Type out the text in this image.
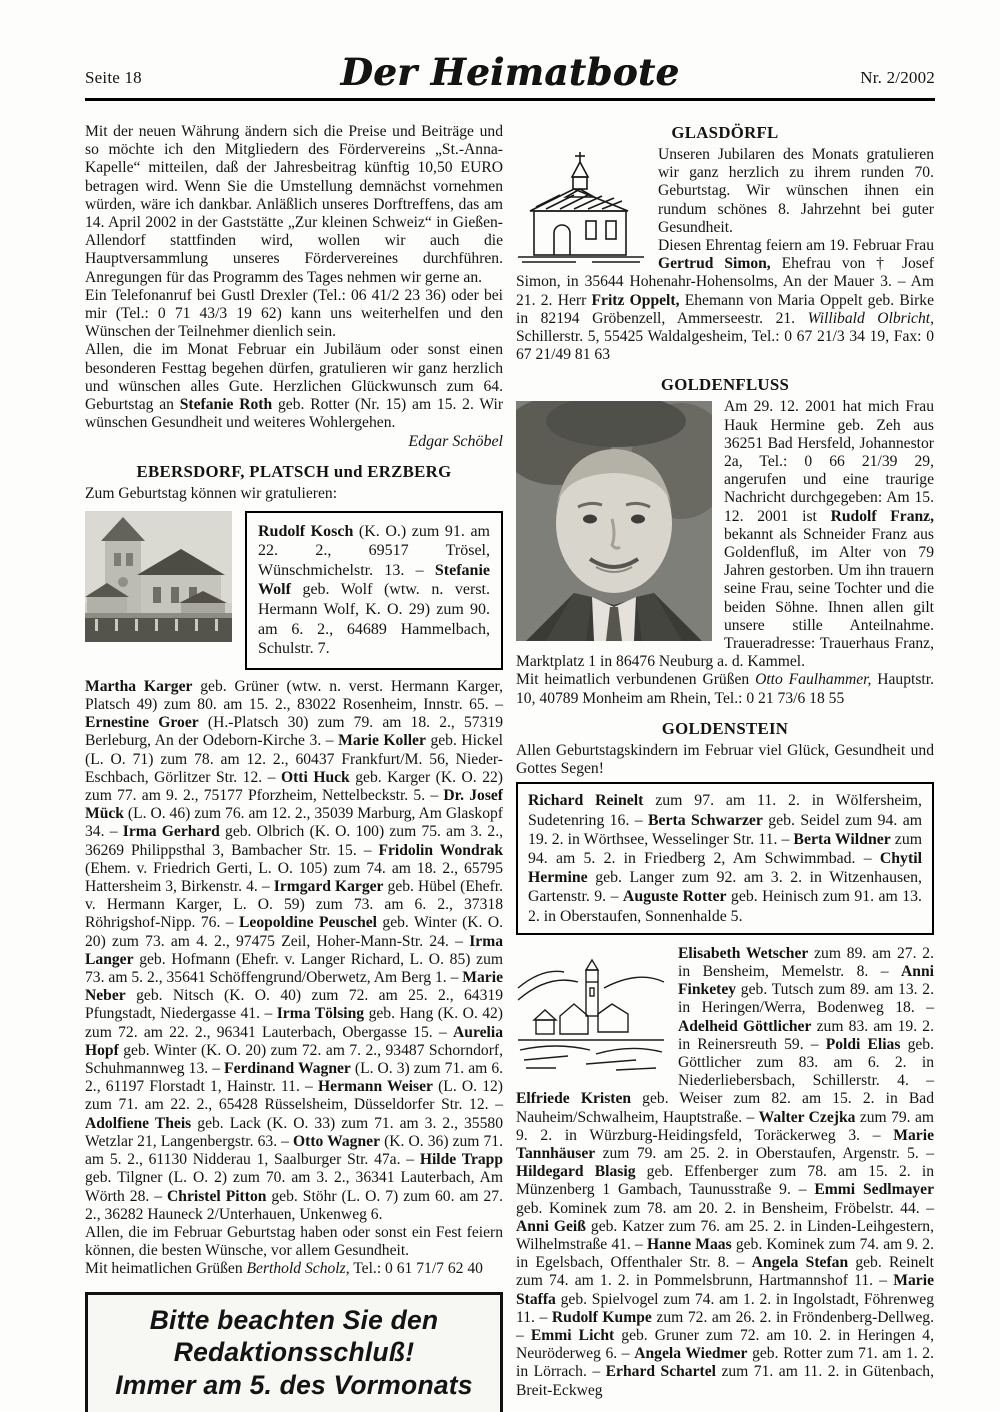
Seite 18	Der Heimatbote	Nr. 2/2002

Mit der neuen Währung ändern sich die Preise und Beiträge und so möchte ich den Mitgliedern des Fördervereins „St.-Anna-Kapelle“ mitteilen, daß der Jahresbeitrag künftig 10,50 EURO betragen wird. Wenn Sie die Umstellung demnächst vornehmen würden, wäre ich dankbar. Anläßlich unseres Dorftreffens, das am 14. April 2002 in der Gaststätte „Zur kleinen Schweiz“ in Gießen-Allendorf stattfinden wird, wollen wir auch die Hauptversammlung unseres Fördervereines durchführen. Anregungen für das Programm des Tages nehmen wir gerne an.

Ein Telefonanruf bei Gustl Drexler (Tel.: 06 41/2 23 36) oder bei mir (Tel.: 0 71 43/3 19 62) kann uns weiterhelfen und den Wünschen der Teilnehmer dienlich sein.

Allen, die im Monat Februar ein Jubiläum oder sonst einen besonderen Festtag begehen dürfen, gratulieren wir ganz herzlich und wünschen alles Gute. Herzlichen Glückwunsch zum 64. Geburtstag an Stefanie Roth geb. Rotter (Nr. 15) am 15. 2. Wir wünschen Gesundheit und weiteres Wohlergehen.

Edgar Schöbel
EBERSDORF, PLATSCH und ERZBERG

Zum Geburtstag können wir gratulieren:

Rudolf Kosch (K. O.) zum 91. am 22. 2., 69517 Trösel, Wünschmichelstr. 13. – Stefanie Wolf geb. Wolf (wtw. n. verst. Hermann Wolf, K. O. 29) zum 90. am 6. 2., 64689 Hammelbach, Schulstr. 7.

Martha Karger geb. Grüner (wtw. n. verst. Hermann Karger, Platsch 49) zum 80. am 15. 2., 83022 Rosenheim, Innstr. 65. – Ernestine Groer (H.-Platsch 30) zum 79. am 18. 2., 57319 Berleburg, An der Odeborn-Kirche 3. – Marie Koller geb. Hickel (L. O. 71) zum 78. am 12. 2., 60437 Frankfurt/M. 56, Nieder-Eschbach, Görlitzer Str. 12. – Otti Huck geb. Karger (K. O. 22) zum 77. am 9. 2., 75177 Pforzheim, Nettelbeckstr. 5. – Dr. Josef Mück (L. O. 46) zum 76. am 12. 2., 35039 Marburg, Am Glaskopf 34. – Irma Gerhard geb. Olbrich (K. O. 100) zum 75. am 3. 2., 36269 Philippsthal 3, Bambacher Str. 15. – Fridolin Wondrak (Ehem. v. Friedrich Gerti, L. O. 105) zum 74. am 18. 2., 65795 Hattersheim 3, Birkenstr. 4. – Irmgard Karger geb. Hübel (Ehefr. v. Hermann Karger, L. O. 59) zum 73. am 6. 2., 37318 Röhrigshof-Nipp. 76. – Leopoldine Peuschel geb. Winter (K. O. 20) zum 73. am 4. 2., 97475 Zeil, Hoher-Mann-Str. 24. – Irma Langer geb. Hofmann (Ehefr. v. Langer Richard, L. O. 85) zum 73. am 5. 2., 35641 Schöffengrund/Oberwetz, Am Berg 1. – Marie Neber geb. Nitsch (K. O. 40) zum 72. am 25. 2., 64319 Pfungstadt, Niedergasse 41. – Irma Tölsing geb. Hang (K. O. 42) zum 72. am 22. 2., 96341 Lauterbach, Obergasse 15. – Aurelia Hopf geb. Winter (K. O. 20) zum 72. am 7. 2., 93487 Schorndorf, Schuhmannweg 13. – Ferdinand Wagner (L. O. 3) zum 71. am 6. 2., 61197 Florstadt 1, Hainstr. 11. – Hermann Weiser (L. O. 12) zum 71. am 22. 2., 65428 Rüsselsheim, Düsseldorfer Str. 12. – Adolfiene Theis geb. Lack (K. O. 33) zum 71. am 3. 2., 35580 Wetzlar 21, Langenbergstr. 63. – Otto Wagner (K. O. 36) zum 71. am 5. 2., 61130 Nidderau 1, Saalburger Str. 47a. – Hilde Trapp geb. Tilgner (L. O. 2) zum 70. am 3. 2., 36341 Lauterbach, Am Wörth 28. – Christel Pitton geb. Stöhr (L. O. 7) zum 60. am 27. 2., 36282 Hauneck 2/Unterhauen, Unkenweg 6.

Allen, die im Februar Geburtstag haben oder sonst ein Fest feiern können, die besten Wünsche, vor allem Gesundheit.

Mit heimatlichen Grüßen Berthold Scholz, Tel.: 0 61 71/7 62 40

Bitte beachten Sie den
Redaktionsschluß!
Immer am 5. des Vormonats
GLASDÖRFL

Unseren Jubilaren des Monats gratulieren wir ganz herzlich zu ihrem runden 70. Geburtstag. Wir wünschen ihnen ein rundum schönes 8. Jahrzehnt bei guter Gesundheit.

Diesen Ehrentag feiern am 19. Februar Frau Gertrud Simon, Ehefrau von † Josef Simon, in 35644 Hohenahr-Hohensolms, An der Mauer 3. – Am 21. 2. Herr Fritz Oppelt, Ehemann von Maria Oppelt geb. Birke in 82194 Gröbenzell, Ammerseestr. 21. Willibald Olbricht, Schillerstr. 5, 55425 Waldalgesheim, Tel.: 0 67 21/3 34 19, Fax: 0 67 21/49 81 63

GOLDENFLUSS

Am 29. 12. 2001 hat mich Frau Hauk Hermine geb. Zeh aus 36251 Bad Hersfeld, Johannestor 2a, Tel.: 0 66 21/39 29, angerufen und eine traurige Nachricht durchgegeben: Am 15. 12. 2001 ist Rudolf Franz, bekannt als Schneider Franz aus Goldenfluß, im Alter von 79 Jahren gestorben. Um ihn trauern seine Frau, seine Tochter und die beiden Söhne. Ihnen allen gilt unsere stille Anteilnahme. Traueradresse: Trauerhaus Franz, Marktplatz 1 in 86476 Neuburg a. d. Kammel.

Mit heimatlich verbundenen Grüßen Otto Faulhammer, Hauptstr. 10, 40789 Monheim am Rhein, Tel.: 0 21 73/6 18 55

GOLDENSTEIN

Allen Geburtstagskindern im Februar viel Glück, Gesundheit und Gottes Segen!

Richard Reinelt zum 97. am 11. 2. in Wölfersheim, Sudetenring 16. – Berta Schwarzer geb. Seidel zum 94. am 19. 2. in Wörthsee, Wesselinger Str. 11. – Berta Wildner zum 94. am 5. 2. in Friedberg 2, Am Schwimmbad. – Chytil Hermine geb. Langer zum 92. am 3. 2. in Witzenhausen, Gartenstr. 9. – Auguste Rotter geb. Heinisch zum 91. am 13. 2. in Oberstaufen, Sonnenhalde 5.

Elisabeth Wetscher zum 89. am 27. 2. in Bensheim, Memelstr. 8. – Anni Finketey geb. Tutsch zum 89. am 13. 2. in Heringen/Werra, Bodenweg 18. – Adelheid Göttlicher zum 83. am 19. 2. in Reinersreuth 59. – Poldi Elias geb. Göttlicher zum 83. am 6. 2. in Niederliebersbach, Schillerstr. 4. – Elfriede Kristen geb. Weiser zum 82. am 15. 2. in Bad Nauheim/Schwalheim, Hauptstraße. – Walter Czejka zum 79. am 9. 2. in Würzburg-Heidingsfeld, Toräckerweg 3. – Marie Tannhäuser zum 79. am 25. 2. in Oberstaufen, Argenstr. 5. – Hildegard Blasig geb. Effenberger zum 78. am 15. 2. in Münzenberg 1 Gambach, Taunusstraße 9. – Emmi Sedlmayer geb. Kominek zum 78. am 20. 2. in Bensheim, Fröbelstr. 44. – Anni Geiß geb. Katzer zum 76. am 25. 2. in Linden-Leihgestern, Wilhelmstraße 41. – Hanne Maas geb. Kominek zum 74. am 9. 2. in Egelsbach, Offenthaler Str. 8. – Angela Stefan geb. Reinelt zum 74. am 1. 2. in Pommelsbrunn, Hartmannshof 11. – Marie Staffa geb. Spielvogel zum 74. am 1. 2. in Ingolstadt, Föhrenweg 11. – Rudolf Kumpe zum 72. am 26. 2. in Fröndenberg-Dellweg. – Emmi Licht geb. Gruner zum 72. am 10. 2. in Heringen 4, Neuröderweg 6. – Angela Wiedmer geb. Rotter zum 71. am 1. 2. in Lörrach. – Erhard Schartel zum 71. am 11. 2. in Gütenbach, Breit-Eckweg
